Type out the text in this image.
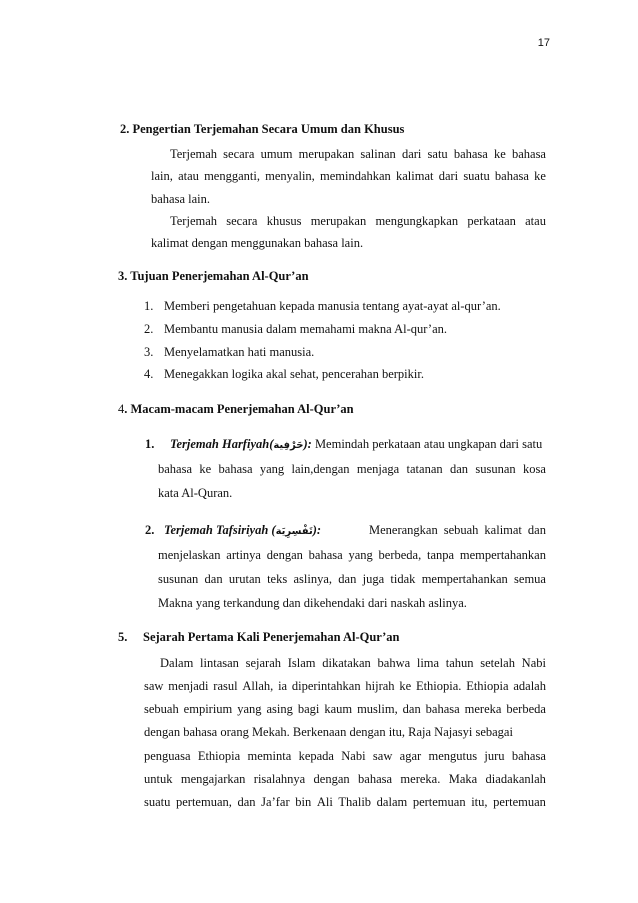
17
2. Pengertian Terjemahan Secara Umum dan Khusus
Terjemah secara umum merupakan salinan dari satu bahasa ke bahasa
lain, atau mengganti, menyalin, memindahkan kalimat dari suatu bahasa ke
bahasa lain.
Terjemah secara khusus merupakan mengungkapkan perkataan atau
kalimat dengan menggunakan bahasa lain.
3. Tujuan Penerjemahan Al-Qur’an
1. Memberi pengetahuan kepada manusia tentang ayat-ayat al-qur’an.
2. Membantu manusia dalam memahami makna Al-qur’an.
3. Menyelamatkan hati manusia.
4. Menegakkan logika akal sehat, pencerahan berpikir.
4. Macam-macam Penerjemahan Al-Qur’an
1. Terjemah Harfiyah(حَرْفِية): Memindah perkataan atau ungkapan dari satu
bahasa ke bahasa yang lain,dengan menjaga tatanan dan susunan kosa
kata Al-Quran.
2. Terjemah Tafsiriyah (تَفْسِرِيَة):	Menerangkan sebuah kalimat dan
menjelaskan artinya dengan bahasa yang berbeda, tanpa mempertahankan
susunan dan urutan teks aslinya, dan juga tidak mempertahankan semua
Makna yang terkandung dan dikehendaki dari naskah aslinya.
5. Sejarah Pertama Kali Penerjemahan Al-Qur’an
Dalam lintasan sejarah Islam dikatakan bahwa lima tahun setelah Nabi
saw menjadi rasul Allah, ia diperintahkan hijrah ke Ethiopia. Ethiopia adalah
sebuah empirium yang asing bagi kaum muslim, dan bahasa mereka berbeda
dengan bahasa orang Mekah. Berkenaan dengan itu, Raja Najasyi sebagai
penguasa Ethiopia meminta kepada Nabi saw agar mengutus juru bahasa
untuk mengajarkan risalahnya dengan bahasa mereka. Maka diadakanlah
suatu pertemuan, dan Ja’far bin Ali Thalib dalam pertemuan itu, pertemuan
